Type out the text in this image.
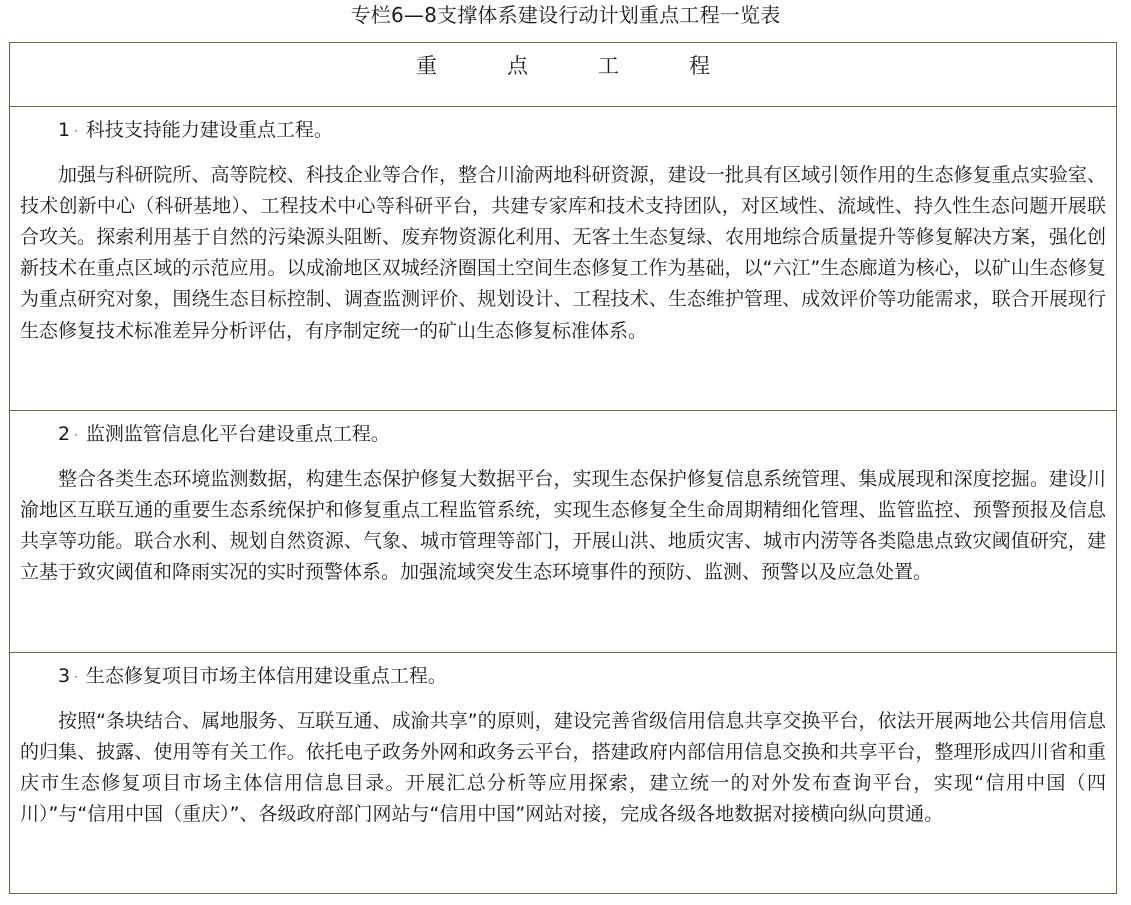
专栏6—8支撑体系建设行动计划重点工程一览表
重	点	工	程

1 · 科技支持能力建设重点工程。

加强与科研院所、高等院校、科技企业等合作，整合川渝两地科研资源，建设一批具有区域引领作用的生态修复重点实验室、技术创新中心（科研基地）、工程技术中心等科研平台，共建专家库和技术支持团队，对区域性、流域性、持久性生态问题开展联合攻关。探索利用基于自然的污染源头阻断、废弃物资源化利用、无客土生态复绿、农用地综合质量提升等修复解决方案，强化创新技术在重点区域的示范应用。以成渝地区双城经济圈国土空间生态修复工作为基础，以“六江”生态廊道为核心，以矿山生态修复为重点研究对象，围绕生态目标控制、调查监测评价、规划设计、工程技术、生态维护管理、成效评价等功能需求，联合开展现行生态修复技术标准差异分析评估，有序制定统一的矿山生态修复标准体系。

2 · 监测监管信息化平台建设重点工程。

整合各类生态环境监测数据，构建生态保护修复大数据平台，实现生态保护修复信息系统管理、集成展现和深度挖掘。建设川渝地区互联互通的重要生态系统保护和修复重点工程监管系统，实现生态修复全生命周期精细化管理、监管监控、预警预报及信息共享等功能。联合水利、规划自然资源、气象、城市管理等部门，开展山洪、地质灾害、城市内涝等各类隐患点致灾阈值研究，建立基于致灾阈值和降雨实况的实时预警体系。加强流域突发生态环境事件的预防、监测、预警以及应急处置。

3 · 生态修复项目市场主体信用建设重点工程。

按照“条块结合、属地服务、互联互通、成渝共享”的原则，建设完善省级信用信息共享交换平台，依法开展两地公共信用信息的归集、披露、使用等有关工作。依托电子政务外网和政务云平台，搭建政府内部信用信息交换和共享平台，整理形成四川省和重庆市生态修复项目市场主体信用信息目录。开展汇总分析等应用探索，建立统一的对外发布查询平台，实现“信用中国（四川）”与“信用中国（重庆）”、各级政府部门网站与“信用中国”网站对接，完成各级各地数据对接横向纵向贯通。
